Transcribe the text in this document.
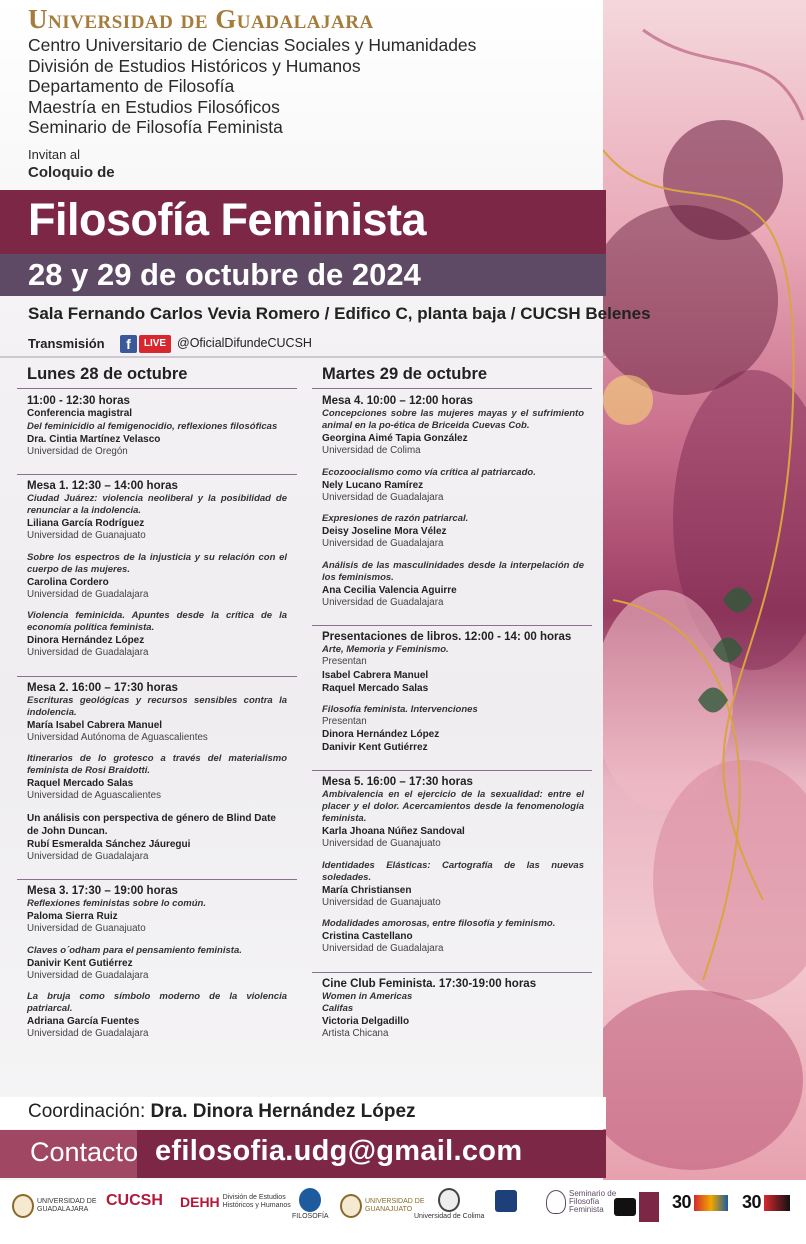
Universidad de Guadalajara
Centro Universitario de Ciencias Sociales y Humanidades
División de Estudios Históricos y Humanos
Departamento de Filosofía
Maestría en Estudios Filosóficos
Seminario de Filosofía Feminista
Invitan al
Coloquio de
Filosofía Feminista
28 y 29 de octubre de 2024
Sala Fernando Carlos Vevia Romero / Edifico C, planta baja / CUCSH Belenes
Transmisión	f	LIVE @OficialDifundeCUCSH
Lunes 28 de octubre
11:00 - 12:30 horas
Conferencia magistral
Del feminicidio al femigenocidio, reflexiones filosóficas
Dra. Cintia Martínez Velasco
Universidad de Oregón
Mesa 1. 12:30 – 14:00 horas
Ciudad Juárez: violencia neoliberal y la posibilidad de renunciar a la indolencia.
Liliana García Rodríguez
Universidad de Guanajuato
Sobre los espectros de la injusticia y su relación con el cuerpo de las mujeres.
Carolina Cordero
Universidad de Guadalajara
Violencia feminicida. Apuntes desde la crítica de la economía política feminista.
Dinora Hernández López
Universidad de Guadalajara
Mesa 2. 16:00 – 17:30 horas
Escrituras geológicas y recursos sensibles contra la indolencia.
María Isabel Cabrera Manuel
Universidad Autónoma de Aguascalientes
Itinerarios de lo grotesco a través del materialismo feminista de Rosi Braidotti.
Raquel Mercado Salas
Universidad de Aguascalientes
Un análisis con perspectiva de género de Blind Date de John Duncan.
Rubí Esmeralda Sánchez Jáuregui
Universidad de Guadalajara
Mesa 3. 17:30 – 19:00 horas
Reflexiones feministas sobre lo común.
Paloma Sierra Ruiz
Universidad de Guanajuato
Claves o´odham para el pensamiento feminista.
Danivir Kent Gutiérrez
Universidad de Guadalajara
La bruja como símbolo moderno de la violencia patriarcal.
Adriana García Fuentes
Universidad de Guadalajara
Martes 29 de octubre
Mesa 4. 10:00 – 12:00 horas
Concepciones sobre las mujeres mayas y el sufrimiento animal en la po-ética de Briceida Cuevas Cob.
Georgina Aimé Tapia González
Universidad de Colima
Ecozoocialismo como vía crítica al patriarcado.
Nely Lucano Ramírez
Universidad de Guadalajara
Expresiones de razón patriarcal.
Deisy Joseline Mora Vélez
Universidad de Guadalajara
Análisis de las masculinidades desde la interpelación de los feminismos.
Ana Cecilia Valencia Aguirre
Universidad de Guadalajara
Presentaciones de libros. 12:00 - 14: 00 horas
Arte, Memoria y Feminismo.
Presentan
Isabel Cabrera Manuel
Raquel Mercado Salas
Filosofía feminista. Intervenciones
Presentan
Dinora Hernández López
Danivir Kent Gutiérrez
Mesa 5. 16:00 – 17:30 horas
Ambivalencia en el ejercicio de la sexualidad: entre el placer y el dolor. Acercamientos desde la fenomenología feminista.
Karla Jhoana Núñez Sandoval
Universidad de Guanajuato
Identidades Elásticas: Cartografía de las nuevas soledades.
María Christiansen
Universidad de Guanajuato
Modalidades amorosas, entre filosofía y feminismo.
Cristina Castellano
Universidad de Guadalajara
Cine Club Feminista. 17:30-19:00 horas
Women in Americas
Califas
Victoria Delgadillo
Artista Chicana
Coordinación: Dra. Dinora Hernández López
Contacto efilosofia.udg@gmail.com
UNIVERSIDAD DE
GUADALAJARA
CUCSH DEHH División de Estudios
Históricos y Humanos
FILOSOFÍA
UNIVERSIDAD DE
GUANAJUATO
Universidad de Colima
Seminario de
Filosofía
Feminista	30	30
